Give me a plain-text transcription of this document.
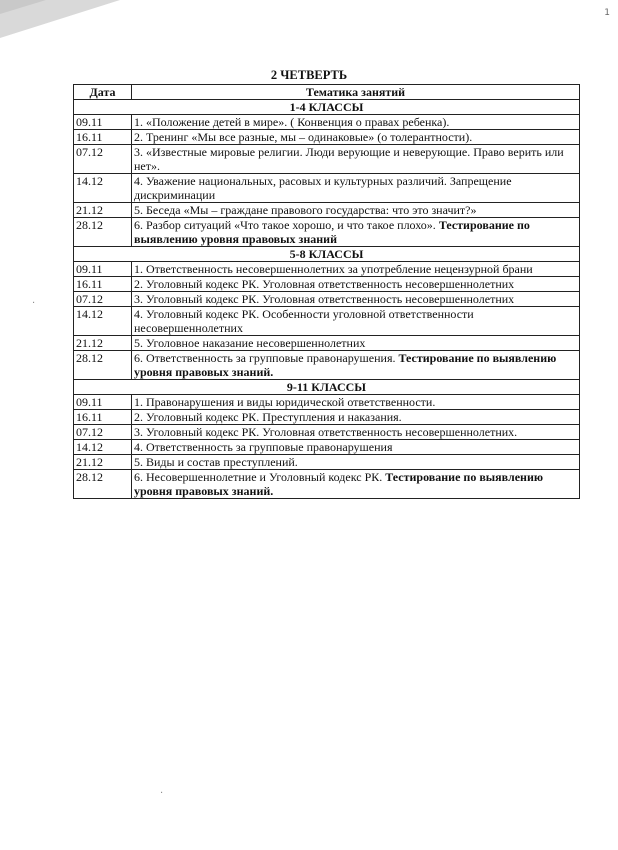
1
2 ЧЕТВЕРТЬ
Дата	Тематика занятий
1-4 КЛАССЫ	
09.11	1. «Положение детей в мире». ( Конвенция о правах ребенка).
16.11	2. Тренинг «Мы все разные, мы – одинаковые» (о толерантности).
07.12	3. «Известные мировые религии. Люди верующие и неверующие. Право верить или нет».
14.12	4. Уважение национальных, расовых и культурных различий. Запрещение дискриминации
21.12	5. Беседа «Мы – граждане правового государства: что это значит?»
28.12	6. Разбор ситуаций «Что такое хорошо, и что такое плохо». Тестирование по выявлению уровня правовых знаний
5-8 КЛАССЫ	
09.11	1. Ответственность несовершеннолетних за употребление нецензурной брани
16.11	2. Уголовный кодекс РК. Уголовная ответственность несовершеннолетних
07.12	3. Уголовный кодекс РК. Уголовная ответственность несовершеннолетних
14.12	4. Уголовный кодекс РК. Особенности уголовной ответственности несовершеннолетних
21.12	5. Уголовное наказание несовершеннолетних
28.12	6. Ответственность за групповые правонарушения. Тестирование по выявлению уровня правовых знаний.
9-11 КЛАССЫ	
09.11	1. Правонарушения и виды юридической ответственности.
16.11	2. Уголовный кодекс РК. Преступления и наказания.
07.12	3. Уголовный кодекс РК. Уголовная ответственность несовершеннолетних.
14.12	4. Ответственность за групповые правонарушения
21.12	5. Виды и состав преступлений.
28.12	6. Несовершеннолетние и Уголовный кодекс РК. Тестирование по выявлению уровня правовых знаний.
·
·
